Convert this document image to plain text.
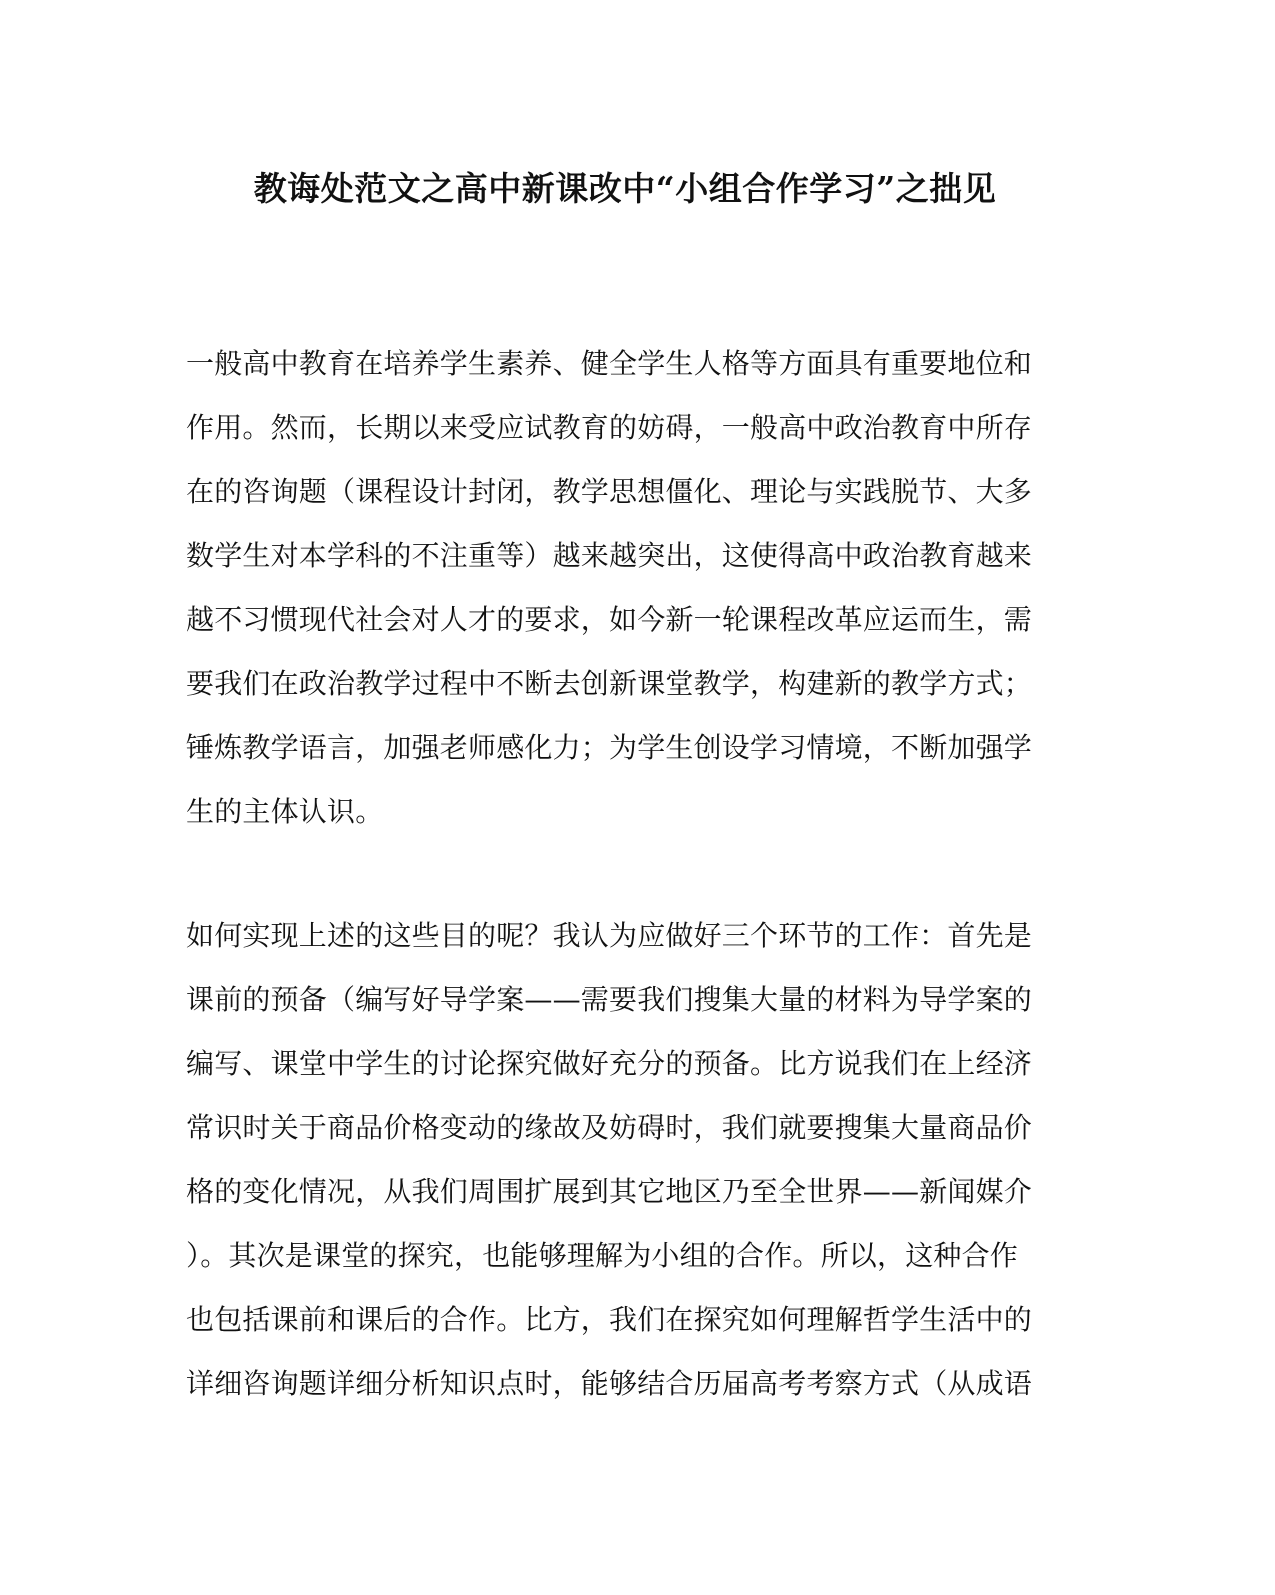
教诲处范文之高中新课改中“小组合作学习”之拙见
一般高中教育在培养学生素养、健全学生人格等方面具有重要地位和
作用。然而，长期以来受应试教育的妨碍，一般高中政治教育中所存
在的咨询题（课程设计封闭，教学思想僵化、理论与实践脱节、大多
数学生对本学科的不注重等）越来越突出，这使得高中政治教育越来
越不习惯现代社会对人才的要求，如今新一轮课程改革应运而生，需
要我们在政治教学过程中不断去创新课堂教学，构建新的教学方式；
锤炼教学语言，加强老师感化力；为学生创设学习情境，不断加强学
生的主体认识。
如何实现上述的这些目的呢？我认为应做好三个环节的工作：首先是
课前的预备（编写好导学案——需要我们搜集大量的材料为导学案的
编写、课堂中学生的讨论探究做好充分的预备。比方说我们在上经济
常识时关于商品价格变动的缘故及妨碍时，我们就要搜集大量商品价
格的变化情况，从我们周围扩展到其它地区乃至全世界——新闻媒介
）。其次是课堂的探究，也能够理解为小组的合作。所以，这种合作
也包括课前和课后的合作。比方，我们在探究如何理解哲学生活中的
详细咨询题详细分析知识点时，能够结合历届高考考察方式（从成语
